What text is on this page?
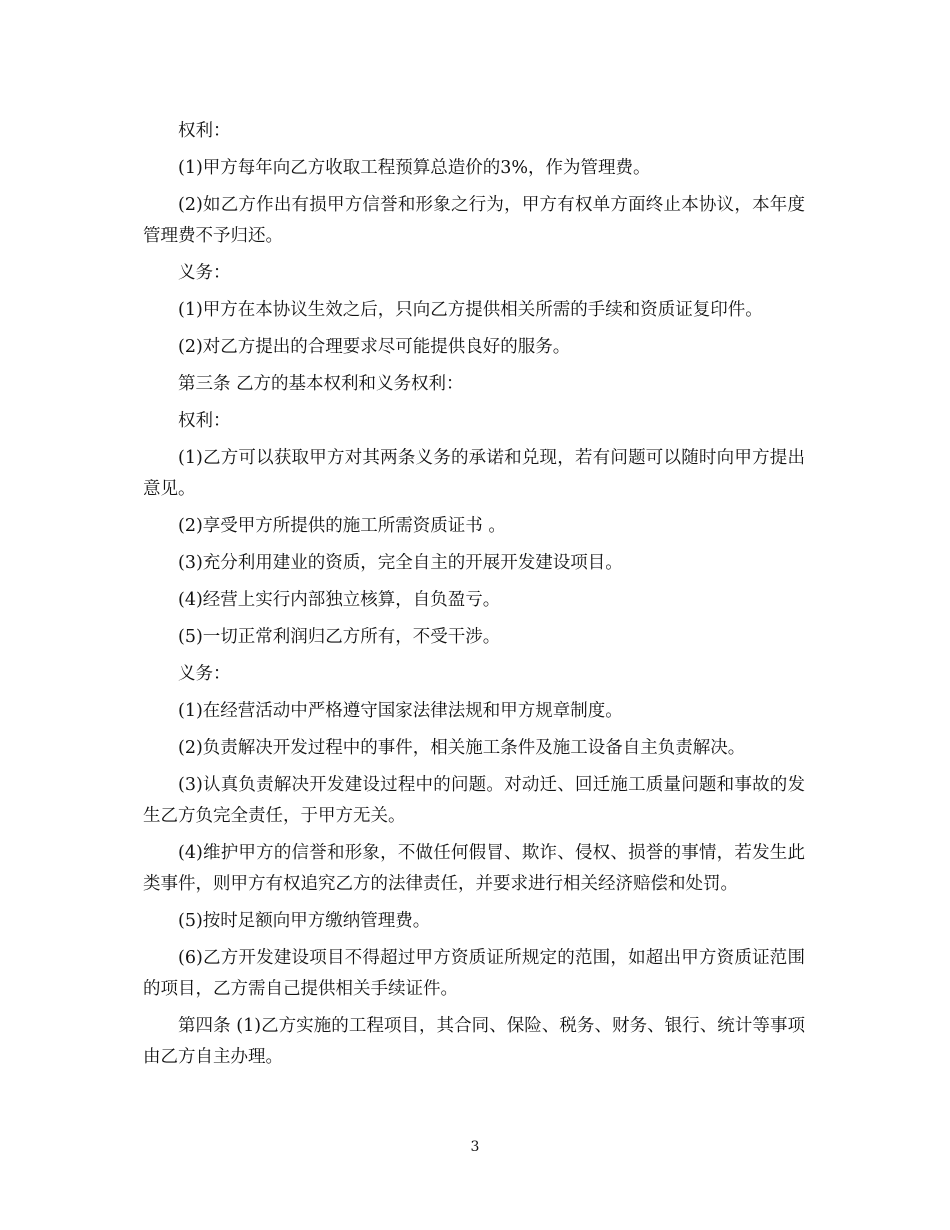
权利：

(1)甲方每年向乙方收取工程预算总造价的3%，作为管理费。

(2)如乙方作出有损甲方信誉和形象之行为，甲方有权单方面终止本协议，本年度管理费不予归还。

义务：

(1)甲方在本协议生效之后，只向乙方提供相关所需的手续和资质证复印件。

(2)对乙方提出的合理要求尽可能提供良好的服务。

第三条 乙方的基本权利和义务权利：

权利：

(1)乙方可以获取甲方对其两条义务的承诺和兑现，若有问题可以随时向甲方提出意见。

(2)享受甲方所提供的施工所需资质证书 。

(3)充分利用建业的资质，完全自主的开展开发建设项目。

(4)经营上实行内部独立核算，自负盈亏。

(5)一切正常利润归乙方所有，不受干涉。

义务：

(1)在经营活动中严格遵守国家法律法规和甲方规章制度。

(2)负责解决开发过程中的事件，相关施工条件及施工设备自主负责解决。

(3)认真负责解决开发建设过程中的问题。对动迁、回迁施工质量问题和事故的发生乙方负完全责任，于甲方无关。

(4)维护甲方的信誉和形象，不做任何假冒、欺诈、侵权、损誉的事情，若发生此类事件，则甲方有权追究乙方的法律责任，并要求进行相关经济赔偿和处罚。

(5)按时足额向甲方缴纳管理费。

(6)乙方开发建设项目不得超过甲方资质证所规定的范围，如超出甲方资质证范围的项目，乙方需自己提供相关手续证件。

第四条 (1)乙方实施的工程项目，其合同、保险、税务、财务、银行、统计等事项由乙方自主办理。

3
